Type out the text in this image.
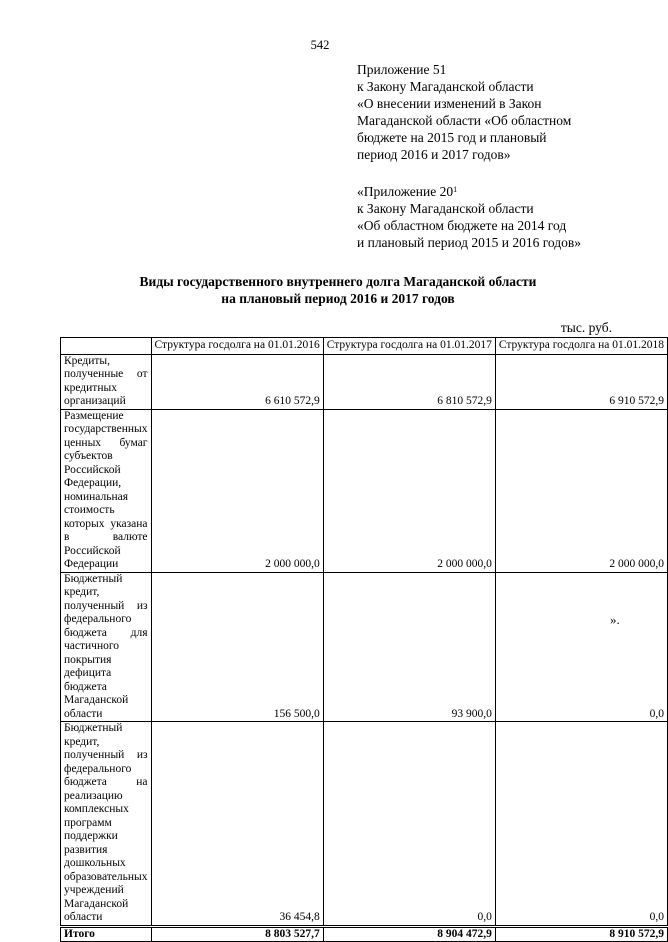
542
Приложение 51
к Закону Магаданской области
«О внесении изменений в Закон
Магаданской области «Об областном
бюджете на 2015 год и плановый
период 2016 и 2017 годов»
«Приложение $20^1$
к Закону Магаданской области
«Об областном бюджете на 2014 год
и плановый период 2015 и 2016 годов»
Виды государственного внутреннего долга Магаданской области
на плановый период 2016 и 2017 годов
тыс. руб.
	Структура госдолга на 01.01.2016	Структура госдолга на 01.01.2017	Структура госдолга на 01.01.2018
Кредиты, полученные от кредитных организаций	6 610 572,9	6 810 572,9	6 910 572,9
Размещение государственных ценных бумаг субъектов Российской Федерации, номинальная стоимость которых указана в валюте Российской Федерации	2 000 000,0	2 000 000,0	2 000 000,0
Бюджетный кредит, полученный из федерального бюджета для частичного покрытия дефицита бюджета Магаданской области	156 500,0	93 900,0	0,0
Бюджетный кредит, полученный из федерального бюджета на реализацию комплексных программ поддержки развития дошкольных образовательных учреждений Магаданской области	36 454,8	0,0	0,0
Итого	8 803 527,7	8 904 472,9	8 910 572,9
».
